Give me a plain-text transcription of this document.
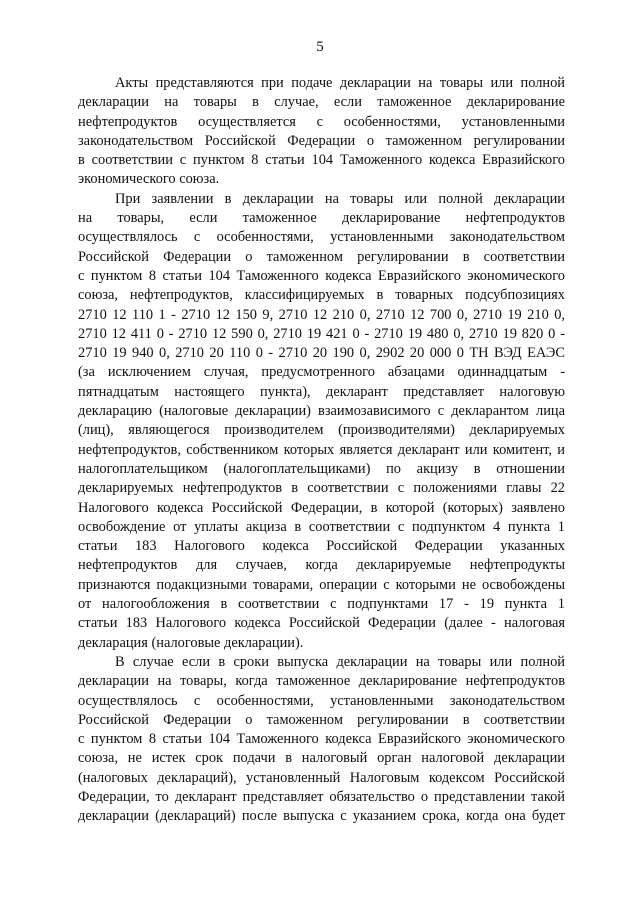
5
Акты представляются при подаче декларации на товары или полной
декларации на товары в случае, если таможенное декларирование
нефтепродуктов осуществляется с особенностями, установленными
законодательством Российской Федерации о таможенном регулировании
в соответствии с пунктом 8 статьи 104 Таможенного кодекса Евразийского
экономического союза.
При заявлении в декларации на товары или полной декларации
на товары, если таможенное декларирование нефтепродуктов
осуществлялось с особенностями, установленными законодательством
Российской Федерации о таможенном регулировании в соответствии
с пунктом 8 статьи 104 Таможенного кодекса Евразийского экономического
союза, нефтепродуктов, классифицируемых в товарных подсубпозициях
2710 12 110 1 - 2710 12 150 9, 2710 12 210 0, 2710 12 700 0, 2710 19 210 0,
2710 12 411 0 - 2710 12 590 0, 2710 19 421 0 - 2710 19 480 0, 2710 19 820 0 -
2710 19 940 0, 2710 20 110 0 - 2710 20 190 0, 2902 20 000 0 ТН ВЭД ЕАЭС
(за исключением случая, предусмотренного абзацами одиннадцатым -
пятнадцатым настоящего пункта), декларант представляет налоговую
декларацию (налоговые декларации) взаимозависимого с декларантом лица
(лиц), являющегося производителем (производителями) декларируемых
нефтепродуктов, собственником которых является декларант или комитент, и
налогоплательщиком (налогоплательщиками) по акцизу в отношении
декларируемых нефтепродуктов в соответствии с положениями главы 22
Налогового кодекса Российской Федерации, в которой (которых) заявлено
освобождение от уплаты акциза в соответствии с подпунктом 4 пункта 1
статьи 183 Налогового кодекса Российской Федерации указанных
нефтепродуктов для случаев, когда декларируемые нефтепродукты
признаются подакцизными товарами, операции с которыми не освобождены
от налогообложения в соответствии с подпунктами 17 - 19 пункта 1
статьи 183 Налогового кодекса Российской Федерации (далее - налоговая
декларация (налоговые декларации).
В случае если в сроки выпуска декларации на товары или полной
декларации на товары, когда таможенное декларирование нефтепродуктов
осуществлялось с особенностями, установленными законодательством
Российской Федерации о таможенном регулировании в соответствии
с пунктом 8 статьи 104 Таможенного кодекса Евразийского экономического
союза, не истек срок подачи в налоговый орган налоговой декларации
(налоговых деклараций), установленный Налоговым кодексом Российской
Федерации, то декларант представляет обязательство о представлении такой
декларации (деклараций) после выпуска с указанием срока, когда она будет
